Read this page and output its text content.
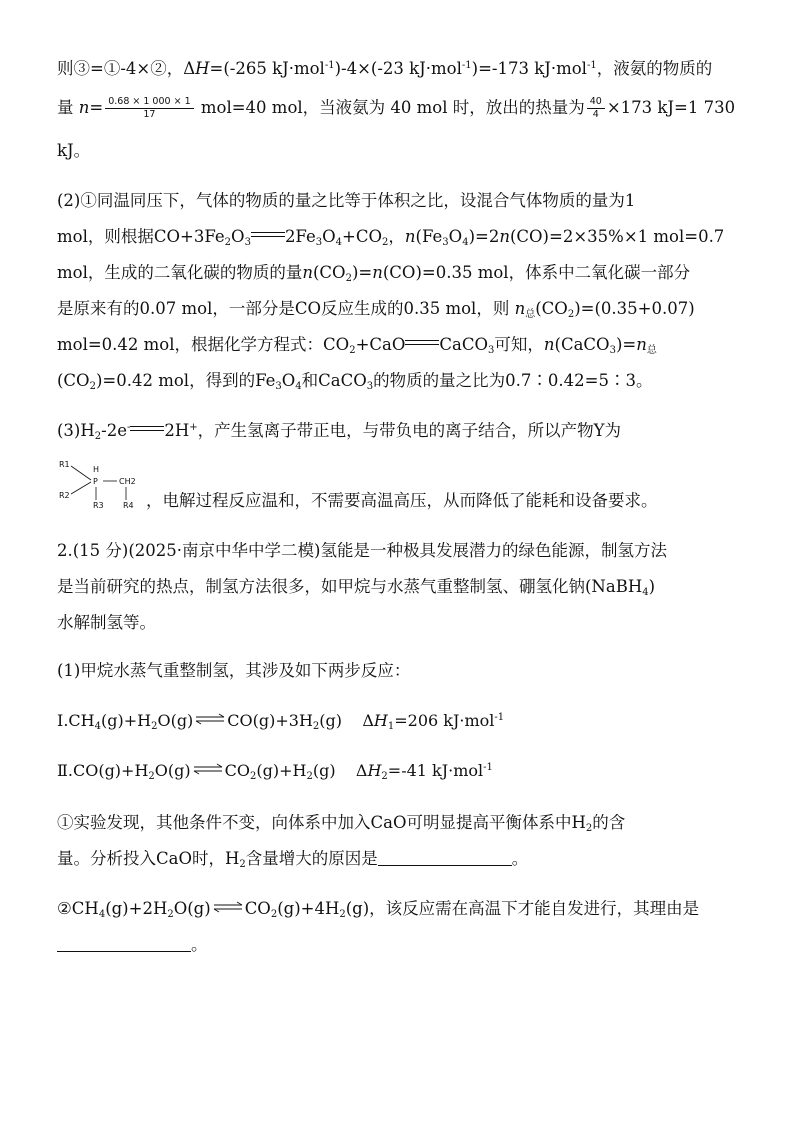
则③=①-4×②，ΔH=(-265 kJ·mol$^{-1}$)-4×(-23 kJ·mol$^{-1}$)=-173 kJ·mol$^{-1}$，液氨的物质的
量 $n= \frac{0.68 \times 1 000 \times 1}{17} mol=40$ mol，当液氨为 40 mol 时，放出的热量为 $\frac{40}{4} \times 173$ kJ=1 730
kJ。
(2)①同温同压下，气体的物质的量之比等于体积之比，设混合气体物质的量为1
mol，则根据$CO+3Fe_2O_3$ $2Fe_3O_4+CO_2$，$n(Fe_3O_4)=2n(CO)=2\times 35\%\times 1$ mol=0.7
mol，生成的二氧化碳的物质的量$n(CO_2)=n(CO)=0.35$ mol，体系中二氧化碳一部分
是原来有的0.07 mol，一部分是CO反应生成的0.35 mol，则 $n_总(CO_2)=(0.35+0.07)$
mol=0.42 mol，根据化学方程式：$CO_2+CaO$ CaCO$_3$可知，$n(CaCO_3)=n_总$
$(CO_2)=0.42$ mol，得到的$Fe_3O_4$和CaCO$_3$的物质的量之比为0.7∶0.42=5∶3。
$(3)H_2-2e^-$ 2H+，产生氢离子带正电，与带负电的离子结合，所以产物Y为
R1
H
P	CH2
R2
R3 R4 ，电解过程反应温和，不需要高温高压，从而降低了能耗和设备要求。
2.(15 分)(2025·南京中华中学二模)氢能是一种极具发展潜力的绿色能源，制氢方法
是当前研究的热点，制氢方法很多，如甲烷与水蒸气重整制氢、硼氢化钠(NaBH$_4$)
水解制氢等。
(1)甲烷水蒸气重整制氢，其涉及如下两步反应：
$Ⅰ.CH_4(g)+H_2O(g)$ $CO(g)+3H_2(g)$    $\Delta H_1=206$ kJ·mol$^{-1}$
$Ⅱ.CO(g)+H_2O(g)$ $CO_2(g)+H_2(g)$    $\Delta H_2=-41$ kJ·mol$^{-1}$
①实验发现，其他条件不变，向体系中加入CaO可明显提高平衡体系中$H_2$的含
量。分析投入CaO时，$H_2$含量增大的原因是	。
$②CH_4(g)+2H_2O(g)$ $CO_2(g)+4H_2(g)$，该反应需在高温下才能自发进行，其理由是
。
